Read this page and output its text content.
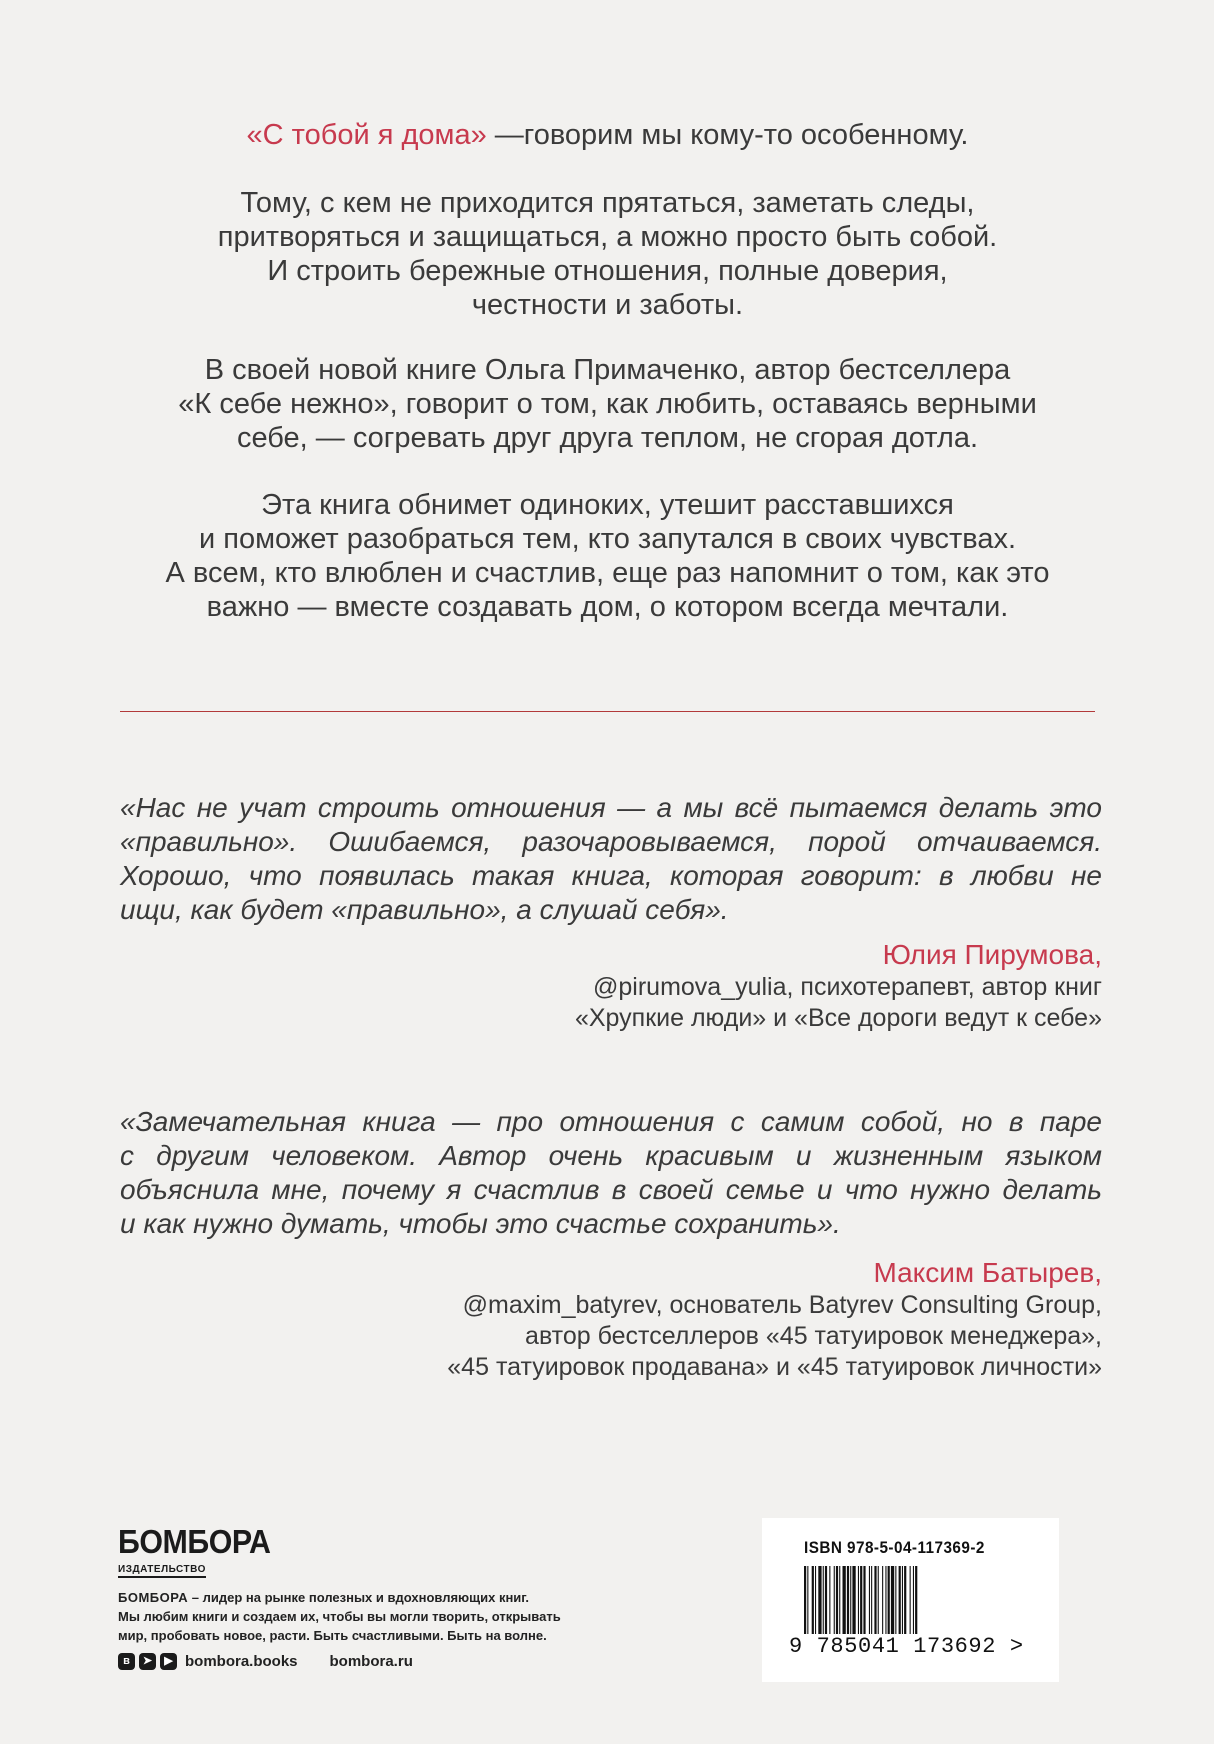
«С тобой я дома» —говорим мы кому-то особенному.

Тому, с кем не приходится прятаться, заметать следы,

притворяться и защищаться, а можно просто быть собой.

И строить бережные отношения, полные доверия,

честности и заботы.

В своей новой книге Ольга Примаченко, автор бестселлера

«К себе нежно», говорит о том, как любить, оставаясь верными

себе, — согревать друг друга теплом, не сгорая дотла.

Эта книга обнимет одиноких, утешит расставшихся

и поможет разобраться тем, кто запутался в своих чувствах.

А всем, кто влюблен и счастлив, еще раз напомнит о том, как это

важно — вместе создавать дом, о котором всегда мечтали.

«Нас не учат строить отношения — а мы всё пытаемся делать это
«правильно». Ошибаемся, разочаровываемся, порой отчаиваемся.
Хорошо, что появилась такая книга, которая говорит: в любви не
ищи, как будет «правильно», а слушай себя».
Юлия Пирумова,
@pirumova_yulia, психотерапевт, автор книг
«Хрупкие люди» и «Все дороги ведут к себе»
«Замечательная книга — про отношения с самим собой, но в паре
с другим человеком. Автор очень красивым и жизненным языком
объяснила мне, почему я счастлив в своей семье и что нужно делать
и как нужно думать, чтобы это счастье сохранить».
Максим Батырев,
@maxim_batyrev, основатель Batyrev Consulting Group,
автор бестселлеров «45 татуировок менеджера»,
«45 татуировок продавана» и «45 татуировок личности»
БОМБОРА
ИЗДАТЕЛЬСТВО
БОМБОРА – лидер на рынке полезных и вдохновляющих книг.
Мы любим книги и создаем их, чтобы вы могли творить, открывать
мир, пробовать новое, расти. Быть счастливыми. Быть на волне.
в	➤	▶ bombora.books bombora.ru
ISBN 978-5-04-117369-2
9 785041 173692 >
